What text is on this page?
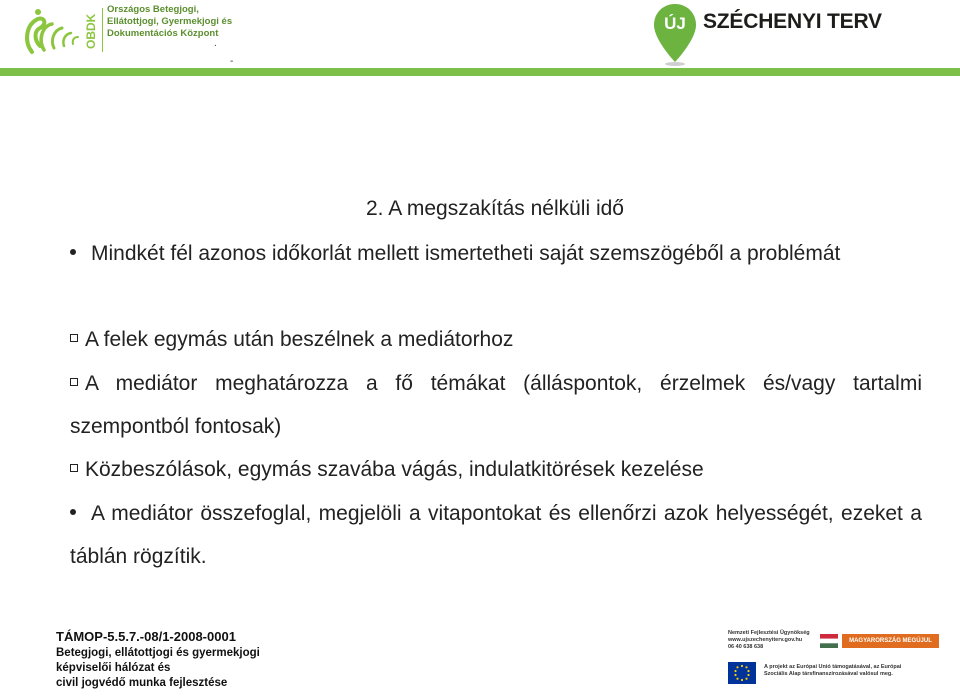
OBDK
Országos Betegjogi,
Ellátottjogi, Gyermekjogi és
Dokumentációs Központ
.
-
ÚJ SZÉCHENYI TERV
2. A megszakítás nélküli idő
Mindkét fél azonos időkorlát mellett ismertetheti saját szemszögéből a problémát
A felek egymás után beszélnek a mediátorhoz
A mediátor meghatározza a fő témákat (álláspontok, érzelmek és/vagy tartalmi szempontból fontosak)
Közbeszólások, egymás szavába vágás, indulatkitörések kezelése
A mediátor összefoglal, megjelöli a vitapontokat és ellenőrzi azok helyességét, ezeket a táblán rögzítik.
TÁMOP-5.5.7.-08/1-2008-0001
Betegjogi, ellátottjogi és gyermekjogi
képviselői hálózat és
civil jogvédő munka fejlesztése
Nemzeti Fejlesztési Ügynökség
www.ujszechenyiterv.gov.hu
06 40 638 638
MAGYARORSZÁG MEGÚJUL
A projekt az Európai Unió támogatásával, az Európai
Szociális Alap társfinanszírozásával valósul meg.
